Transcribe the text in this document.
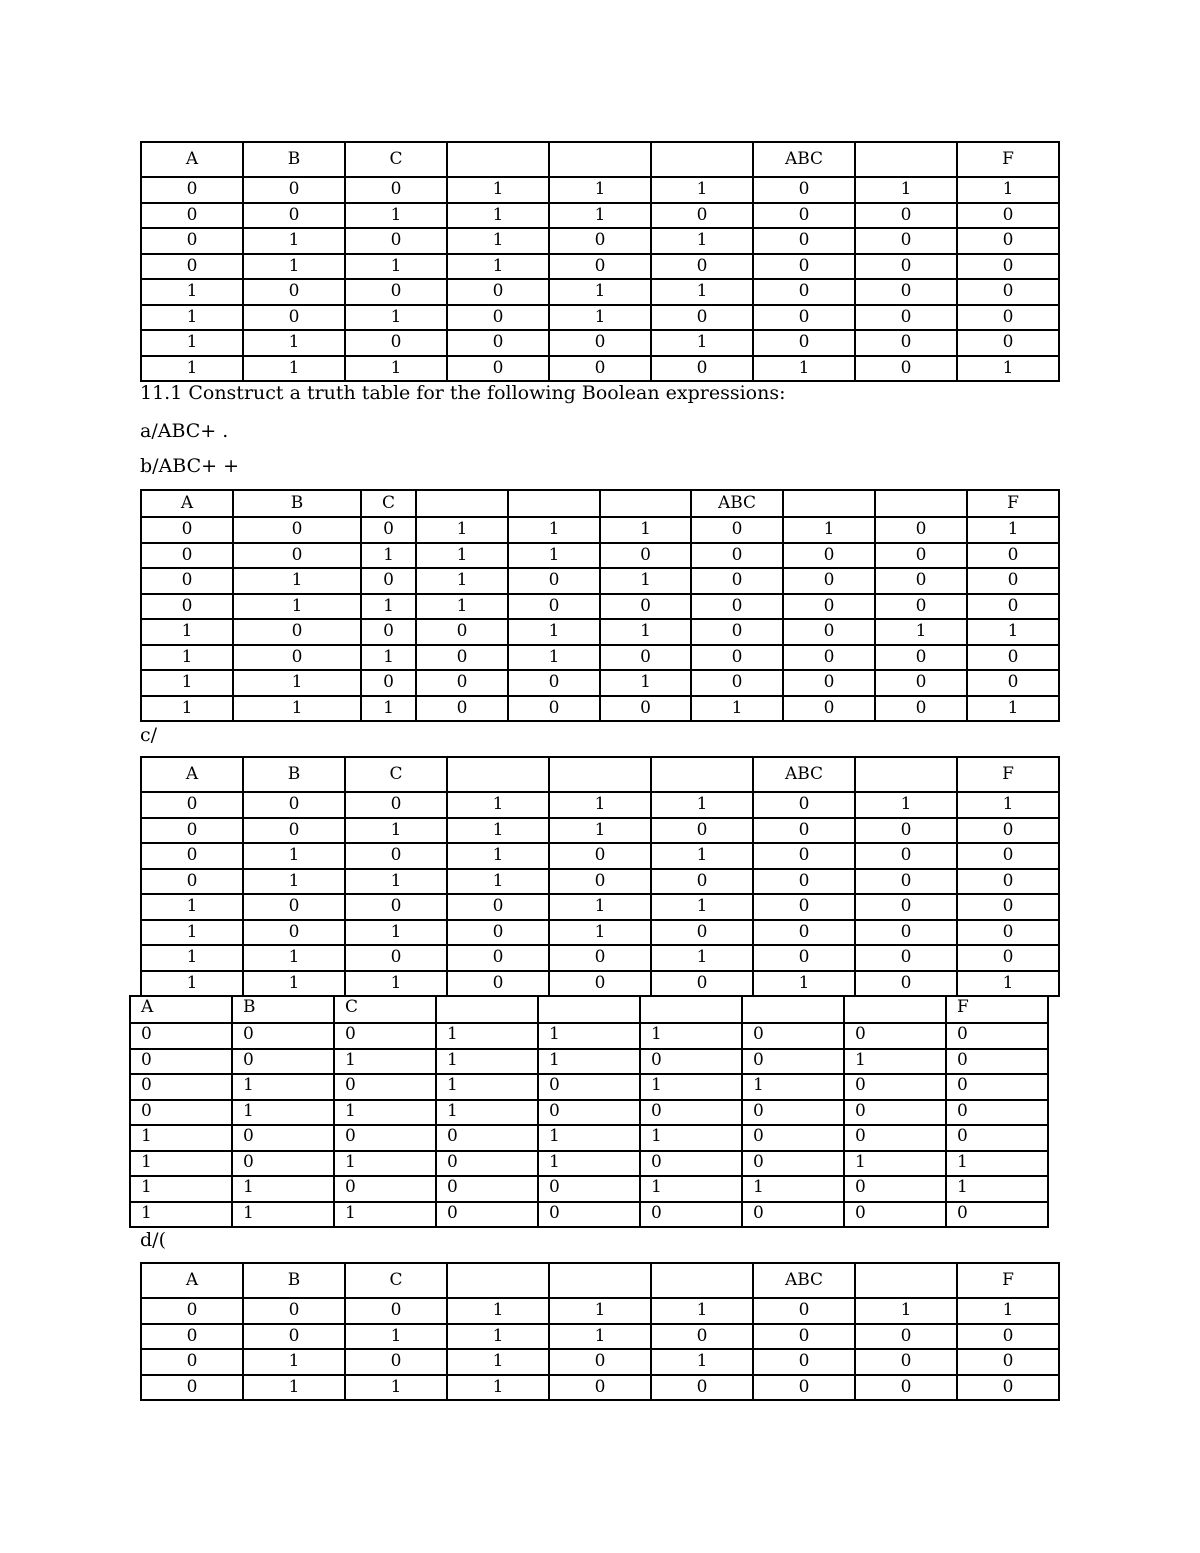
A	B	C				ABC		F
0	0	0	1	1	1	0	1	1
0	0	1	1	1	0	0	0	0
0	1	0	1	0	1	0	0	0
0	1	1	1	0	0	0	0	0
1	0	0	0	1	1	0	0	0
1	0	1	0	1	0	0	0	0
1	1	0	0	0	1	0	0	0
1	1	1	0	0	0	1	0	1
11.1 Construct a truth table for the following Boolean expressions:
a/ABC+ .
b/ABC+ +
A	B	C				ABC			F
0	0	0	1	1	1	0	1	0	1
0	0	1	1	1	0	0	0	0	0
0	1	0	1	0	1	0	0	0	0
0	1	1	1	0	0	0	0	0	0
1	0	0	0	1	1	0	0	1	1
1	0	1	0	1	0	0	0	0	0
1	1	0	0	0	1	0	0	0	0
1	1	1	0	0	0	1	0	0	1
c/
A	B	C				ABC		F
0	0	0	1	1	1	0	1	1
0	0	1	1	1	0	0	0	0
0	1	0	1	0	1	0	0	0
0	1	1	1	0	0	0	0	0
1	0	0	0	1	1	0	0	0
1	0	1	0	1	0	0	0	0
1	1	0	0	0	1	0	0	0
1	1	1	0	0	0	1	0	1
A	B	C						F
0	0	0	1	1	1	0	0	0
0	0	1	1	1	0	0	1	0
0	1	0	1	0	1	1	0	0
0	1	1	1	0	0	0	0	0
1	0	0	0	1	1	0	0	0
1	0	1	0	1	0	0	1	1
1	1	0	0	0	1	1	0	1
1	1	1	0	0	0	0	0	0
d/(
A	B	C				ABC		F
0	0	0	1	1	1	0	1	1
0	0	1	1	1	0	0	0	0
0	1	0	1	0	1	0	0	0
0	1	1	1	0	0	0	0	0
